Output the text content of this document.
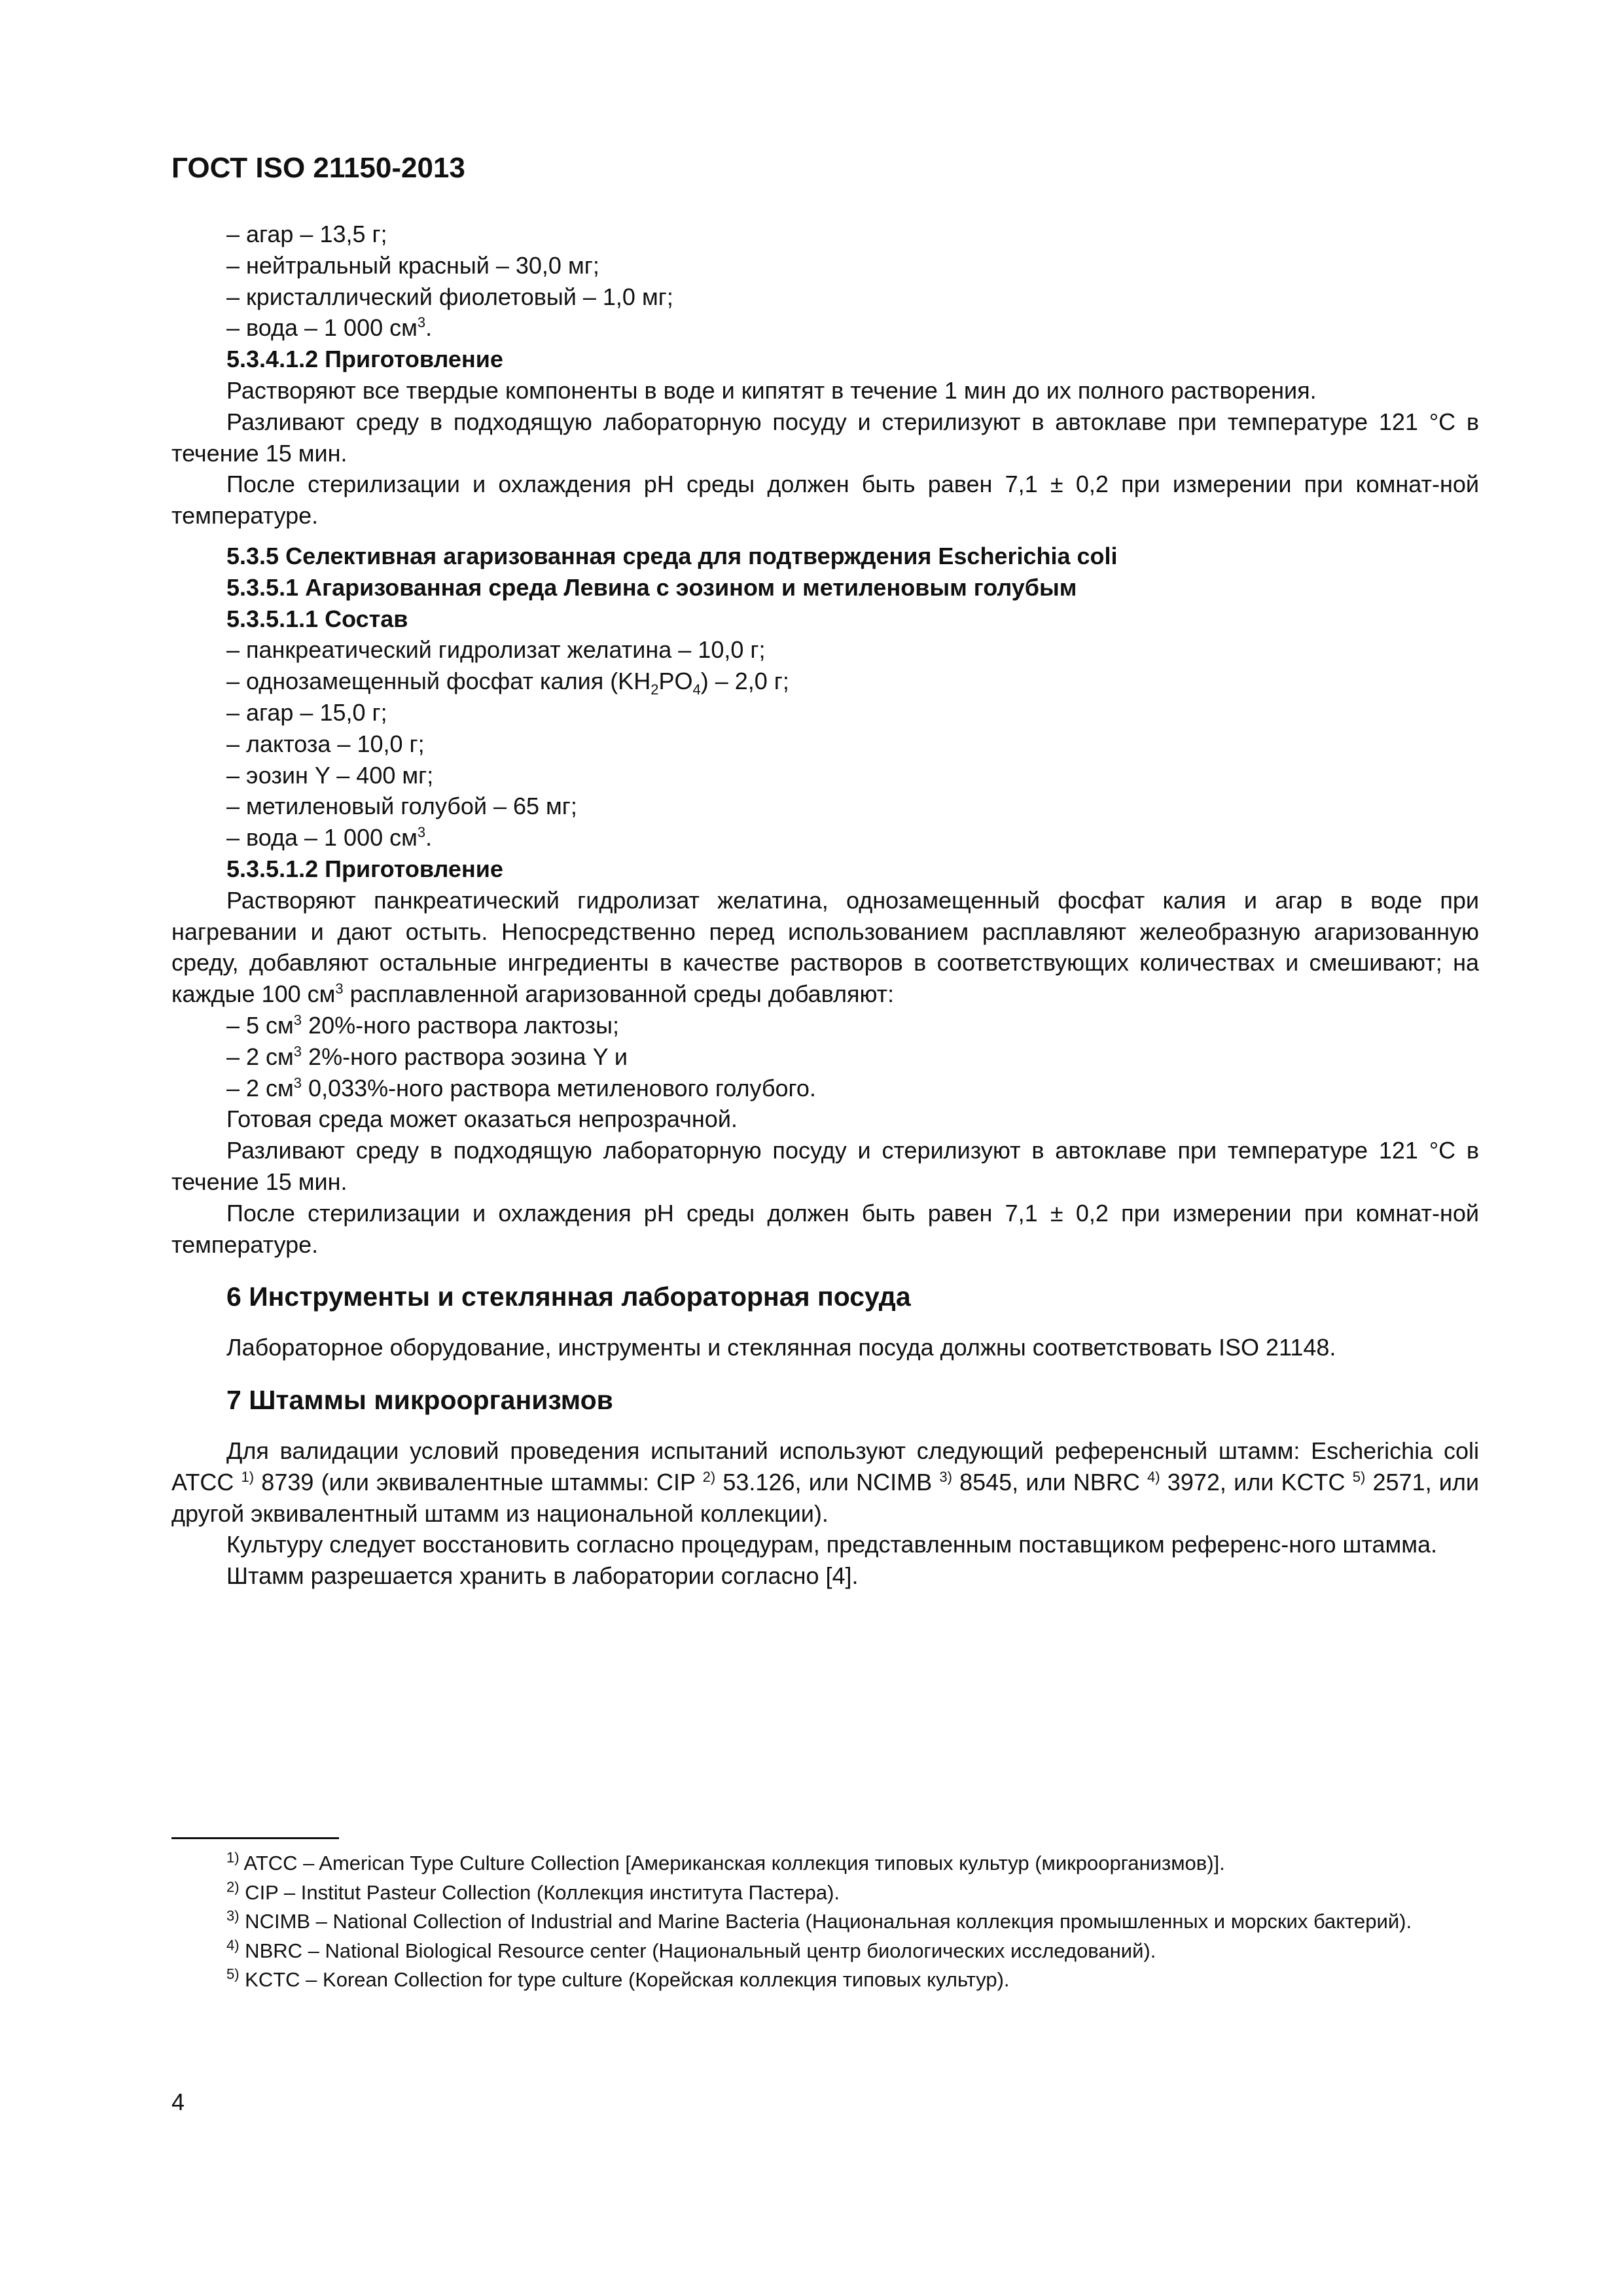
ГОСТ ISO 21150-2013

– агар – 13,5 г;

– нейтральный красный – 30,0 мг;

– кристаллический фиолетовый – 1,0 мг;

– вода – 1 000 $см^3$.

5.3.4.1.2 Приготовление

Растворяют все твердые компоненты в воде и кипятят в течение 1 мин до их полного растворения.

Разливают среду в подходящую лабораторную посуду и стерилизуют в автоклаве при температуре 121 °С в течение 15 мин.

После стерилизации и охлаждения pH среды должен быть равен 7,1 ± 0,2 при измерении при комнат-ной температуре.

5.3.5 Селективная агаризованная среда для подтверждения Escherichia coli

5.3.5.1 Агаризованная среда Левина с эозином и метиленовым голубым

5.3.5.1.1 Состав

– панкреатический гидролизат желатина – 10,0 г;

– однозамещенный фосфат калия $(KH_2PO_4) - 2,0$ г;

– агар – 15,0 г;

– лактоза – 10,0 г;

– эозин Y – 400 мг;

– метиленовый голубой – 65 мг;

– вода – 1 000 $см^3$.

5.3.5.1.2 Приготовление

Растворяют панкреатический гидролизат желатина, однозамещенный фосфат калия и агар в воде при нагревании и дают остыть. Непосредственно перед использованием расплавляют желеобразную агаризованную среду, добавляют остальные ингредиенты в качестве растворов в соответствующих количествах и смешивают; на каждые 100 $см^3$ расплавленной агаризованной среды добавляют:

– 5 $см^3$ 20%-ного раствора лактозы;

– 2 $см^3$ 2%-ного раствора эозина Y и

– 2 $см^3$ 0,033%-ного раствора метиленового голубого.

Готовая среда может оказаться непрозрачной.

Разливают среду в подходящую лабораторную посуду и стерилизуют в автоклаве при температуре 121 °С в течение 15 мин.

После стерилизации и охлаждения pH среды должен быть равен 7,1 ± 0,2 при измерении при комнат-ной температуре.

6 Инструменты и стеклянная лабораторная посуда

Лабораторное оборудование, инструменты и стеклянная посуда должны соответствовать ISO 21148.

7 Штаммы микроорганизмов

Для валидации условий проведения испытаний используют следующий референсный штамм: Escherichia coli ATCC $^{1)}$ 8739 (или эквивалентные штаммы: CIP $^{2)}$ 53.126, или NCIMB $^{3)}$ 8545, или NBRC $^{4)}$ 3972, или KCTC $^{5)}$ 2571, или другой эквивалентный штамм из национальной коллекции).

Культуру следует восстановить согласно процедурам, представленным поставщиком референс-ного штамма.

Штамм разрешается хранить в лаборатории согласно [4].

$^{1)}$ ATCC – American Type Culture Collection [Американская коллекция типовых культур (микроорганизмов)].

$^{2)}$ CIP – Institut Pasteur Collection (Коллекция института Пастера).

$^{3)}$ NCIMB – National Collection of Industrial and Marine Bacteria (Национальная коллекция промышленных и морских бактерий).

$^{4)}$ NBRC – National Biological Resource center (Национальный центр биологических исследований).

$^{5)}$ KCTC – Korean Collection for type culture (Корейская коллекция типовых культур).

4
